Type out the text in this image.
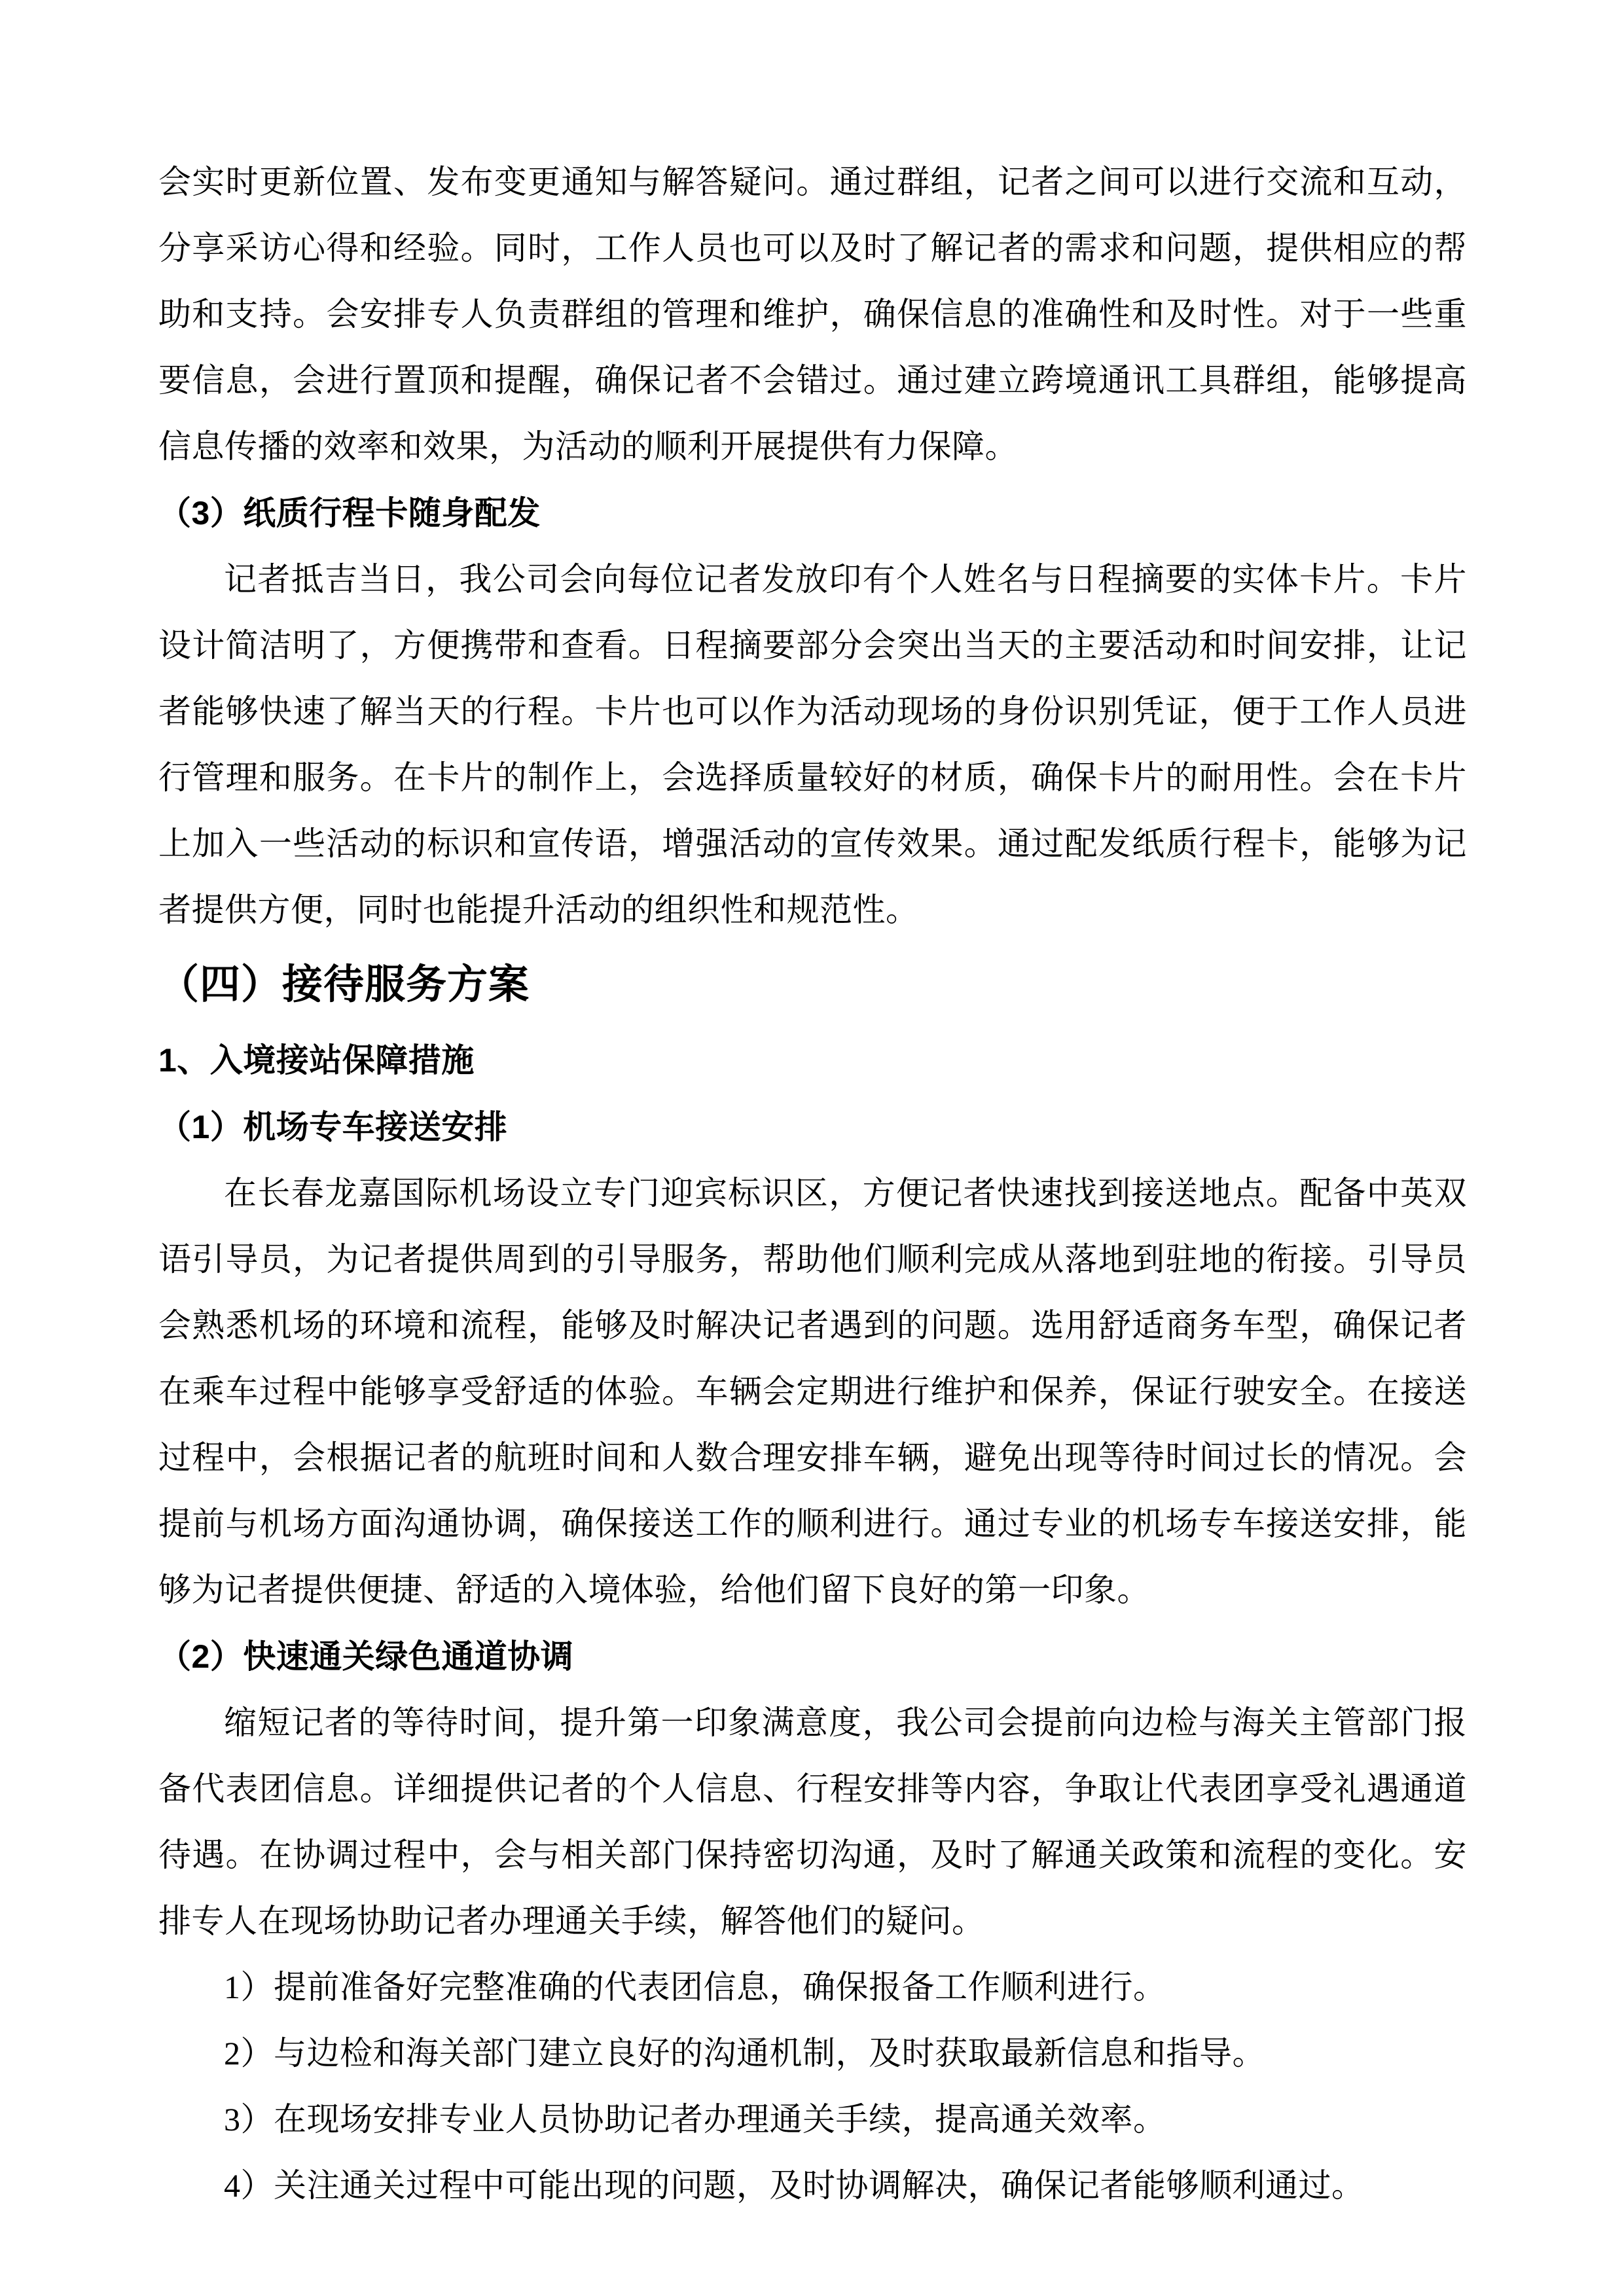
会实时更新位置、发布变更通知与解答疑问。通过群组，记者之间可以进行交流和互动，分享采访心得和经验。同时，工作人员也可以及时了解记者的需求和问题，提供相应的帮助和支持。会安排专人负责群组的管理和维护，确保信息的准确性和及时性。对于一些重要信息，会进行置顶和提醒，确保记者不会错过。通过建立跨境通讯工具群组，能够提高信息传播的效率和效果，为活动的顺利开展提供有力保障。

（3）纸质行程卡随身配发

记者抵吉当日，我公司会向每位记者发放印有个人姓名与日程摘要的实体卡片。卡片设计简洁明了，方便携带和查看。日程摘要部分会突出当天的主要活动和时间安排，让记者能够快速了解当天的行程。卡片也可以作为活动现场的身份识别凭证，便于工作人员进行管理和服务。在卡片的制作上，会选择质量较好的材质，确保卡片的耐用性。会在卡片上加入一些活动的标识和宣传语，增强活动的宣传效果。通过配发纸质行程卡，能够为记者提供方便，同时也能提升活动的组织性和规范性。

（四）接待服务方案
1、入境接站保障措施
（1）机场专车接送安排

在长春龙嘉国际机场设立专门迎宾标识区，方便记者快速找到接送地点。配备中英双语引导员，为记者提供周到的引导服务，帮助他们顺利完成从落地到驻地的衔接。引导员会熟悉机场的环境和流程，能够及时解决记者遇到的问题。选用舒适商务车型，确保记者在乘车过程中能够享受舒适的体验。车辆会定期进行维护和保养，保证行驶安全。在接送过程中，会根据记者的航班时间和人数合理安排车辆，避免出现等待时间过长的情况。会提前与机场方面沟通协调，确保接送工作的顺利进行。通过专业的机场专车接送安排，能够为记者提供便捷、舒适的入境体验，给他们留下良好的第一印象。

（2）快速通关绿色通道协调

缩短记者的等待时间，提升第一印象满意度，我公司会提前向边检与海关主管部门报备代表团信息。详细提供记者的个人信息、行程安排等内容，争取让代表团享受礼遇通道待遇。在协调过程中，会与相关部门保持密切沟通，及时了解通关政策和流程的变化。安排专人在现场协助记者办理通关手续，解答他们的疑问。

1）提前准备好完整准确的代表团信息，确保报备工作顺利进行。

2）与边检和海关部门建立良好的沟通机制，及时获取最新信息和指导。

3）在现场安排专业人员协助记者办理通关手续，提高通关效率。

4）关注通关过程中可能出现的问题，及时协调解决，确保记者能够顺利通过。
